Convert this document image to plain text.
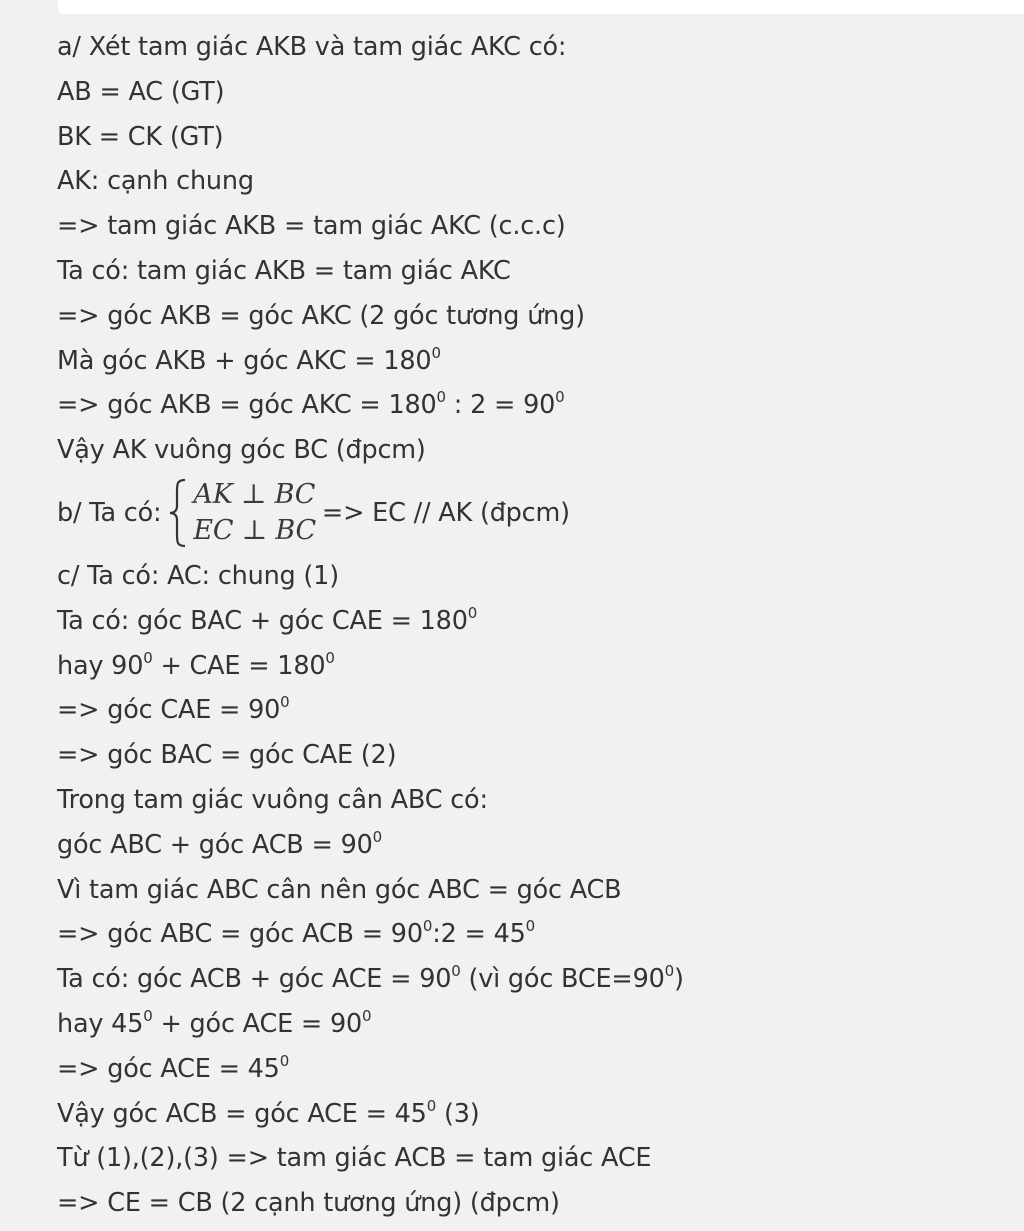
a/ Xét tam giác AKB và tam giác AKC có:
AB = AC (GT)
BK = CK (GT)
AK: cạnh chung
=> tam giác AKB = tam giác AKC (c.c.c)
Ta có: tam giác AKB = tam giác AKC
=> góc AKB = góc AKC (2 góc tương ứng)
Mà góc AKB + góc AKC = $180^0$
=> góc AKB = góc AKC = $180^0$ : $2 = 90^0$
Vậy AK vuông góc BC (đpcm)
b/ Ta có:
AK ⊥ BC
EC ⊥ BC
=> EC // AK (đpcm)
c/ Ta có: AC: chung (1)
Ta có: góc BAC + góc CAE = $180^0$
hay $90^0$ + CAE = $180^0$
=> góc CAE = $90^0$
=> góc BAC = góc CAE (2)
Trong tam giác vuông cân ABC có:
góc ABC + góc ACB = $90^0$
Vì tam giác ABC cân nên góc ABC = góc ACB
=> góc ABC = góc ACB = $90^0:2 = 45^0$
Ta có: góc ACB + góc ACE = $90^0$ (vì góc $BCE=90^0$)
hay $45^0$ + góc ACE = $90^0$
=> góc ACE = $45^0$
Vậy góc ACB = góc ACE = $45^0$ (3)
Từ (1),(2),(3) => tam giác ACB = tam giác ACE
=> CE = CB (2 cạnh tương ứng) (đpcm)
